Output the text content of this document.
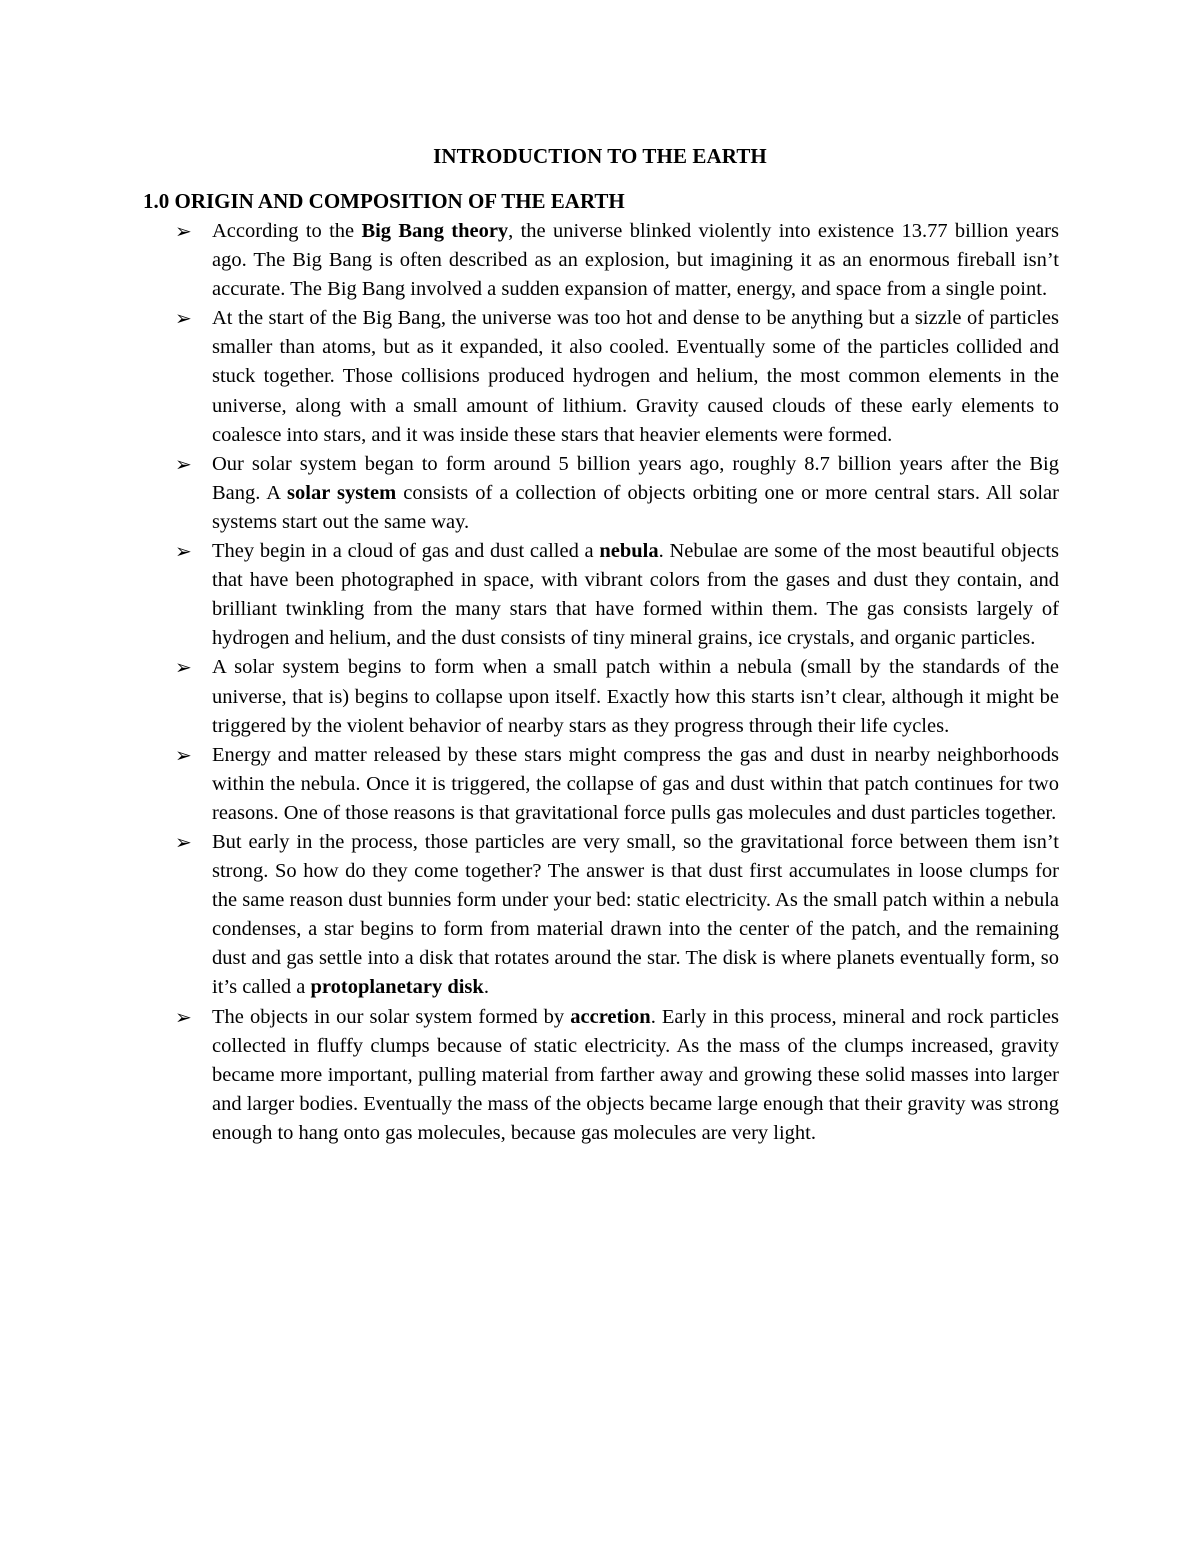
INTRODUCTION TO THE EARTH
1.0 ORIGIN AND COMPOSITION OF THE EARTH
➢ According to the Big Bang theory, the universe blinked violently into existence 13.77 billion years ago. The Big Bang is often described as an explosion, but imagining it as an enormous fireball isn’t accurate. The Big Bang involved a sudden expansion of matter, energy, and space from a single point.
➢ At the start of the Big Bang, the universe was too hot and dense to be anything but a sizzle of particles smaller than atoms, but as it expanded, it also cooled. Eventually some of the particles collided and stuck together. Those collisions produced hydrogen and helium, the most common elements in the universe, along with a small amount of lithium. Gravity caused clouds of these early elements to coalesce into stars, and it was inside these stars that heavier elements were formed.
➢ Our solar system began to form around 5 billion years ago, roughly 8.7 billion years after the Big Bang. A solar system consists of a collection of objects orbiting one or more central stars. All solar systems start out the same way.
➢ They begin in a cloud of gas and dust called a nebula. Nebulae are some of the most beautiful objects that have been photographed in space, with vibrant colors from the gases and dust they contain, and brilliant twinkling from the many stars that have formed within them. The gas consists largely of hydrogen and helium, and the dust consists of tiny mineral grains, ice crystals, and organic particles.
➢ A solar system begins to form when a small patch within a nebula (small by the standards of the universe, that is) begins to collapse upon itself. Exactly how this starts isn’t clear, although it might be triggered by the violent behavior of nearby stars as they progress through their life cycles.
➢ Energy and matter released by these stars might compress the gas and dust in nearby neighborhoods within the nebula. Once it is triggered, the collapse of gas and dust within that patch continues for two reasons. One of those reasons is that gravitational force pulls gas molecules and dust particles together.
➢ But early in the process, those particles are very small, so the gravitational force between them isn’t strong. So how do they come together? The answer is that dust first accumulates in loose clumps for the same reason dust bunnies form under your bed: static electricity. As the small patch within a nebula condenses, a star begins to form from material drawn into the center of the patch, and the remaining dust and gas settle into a disk that rotates around the star. The disk is where planets eventually form, so it’s called a protoplanetary disk.
➢ The objects in our solar system formed by accretion. Early in this process, mineral and rock particles collected in fluffy clumps because of static electricity. As the mass of the clumps increased, gravity became more important, pulling material from farther away and growing these solid masses into larger and larger bodies. Eventually the mass of the objects became large enough that their gravity was strong enough to hang onto gas molecules, because gas molecules are very light.
